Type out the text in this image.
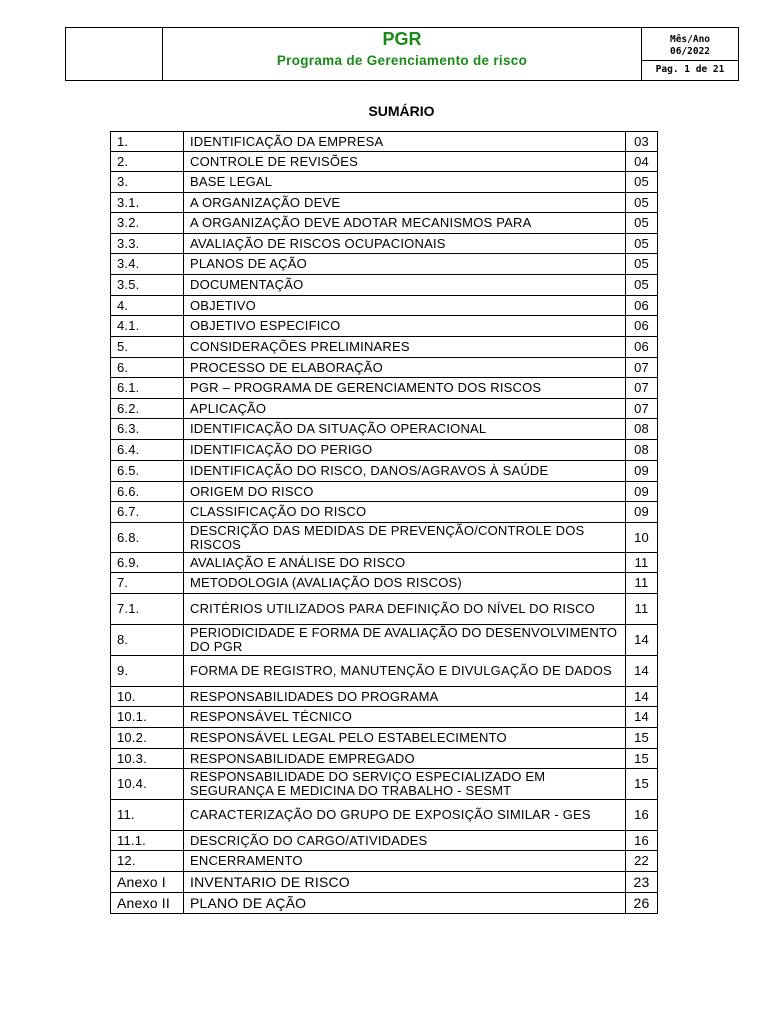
PGR
Programa de Gerenciamento de risco
Mês/Ano
06/2022
Pag. 1 de 21
SUMÁRIO
1.	IDENTIFICAÇÃO DA EMPRESA	03
2.	CONTROLE DE REVISÕES	04
3.	BASE LEGAL	05
3.1.	A ORGANIZAÇÃO DEVE	05
3.2.	A ORGANIZAÇÃO DEVE ADOTAR MECANISMOS PARA	05
3.3.	AVALIAÇÃO DE RISCOS OCUPACIONAIS	05
3.4.	PLANOS DE AÇÃO	05
3.5.	DOCUMENTAÇÃO	05
4.	OBJETIVO	06
4.1.	OBJETIVO ESPECIFICO	06
5.	CONSIDERAÇÕES PRELIMINARES	06
6.	PROCESSO DE ELABORAÇÃO	07
6.1.	PGR – PROGRAMA DE GERENCIAMENTO DOS RISCOS	07
6.2.	APLICAÇÃO	07
6.3.	IDENTIFICAÇÃO DA SITUAÇÃO OPERACIONAL	08
6.4.	IDENTIFICAÇÃO DO PERIGO	08
6.5.	IDENTIFICAÇÃO DO RISCO, DANOS/AGRAVOS À SAÚDE	09
6.6.	ORIGEM DO RISCO	09
6.7.	CLASSIFICAÇÃO DO RISCO	09
6.8.	DESCRIÇÃO DAS MEDIDAS DE PREVENÇÃO/CONTROLE DOS RISCOS	10
6.9.	AVALIAÇÃO E ANÁLISE DO RISCO	11
7.	METODOLOGIA (AVALIAÇÃO DOS RISCOS)	11
7.1.	CRITÉRIOS UTILIZADOS PARA DEFINIÇÃO DO NÍVEL DO RISCO	11
8.	PERIODICIDADE E FORMA DE AVALIAÇÃO DO DESENVOLVIMENTO DO PGR	14
9.	FORMA DE REGISTRO, MANUTENÇÃO E DIVULGAÇÃO DE DADOS	14
10.	RESPONSABILIDADES DO PROGRAMA	14
10.1.	RESPONSÁVEL TÉCNICO	14
10.2.	RESPONSÁVEL LEGAL PELO ESTABELECIMENTO	15
10.3.	RESPONSABILIDADE EMPREGADO	15
10.4.	RESPONSABILIDADE DO SERVIÇO ESPECIALIZADO EM SEGURANÇA E MEDICINA DO TRABALHO - SESMT	15
11.	CARACTERIZAÇÃO DO GRUPO DE EXPOSIÇÃO SIMILAR - GES	16
11.1.	DESCRIÇÃO DO CARGO/ATIVIDADES	16
12.	ENCERRAMENTO	22
Anexo I	INVENTARIO DE RISCO	23
Anexo II	PLANO DE AÇÃO	26
